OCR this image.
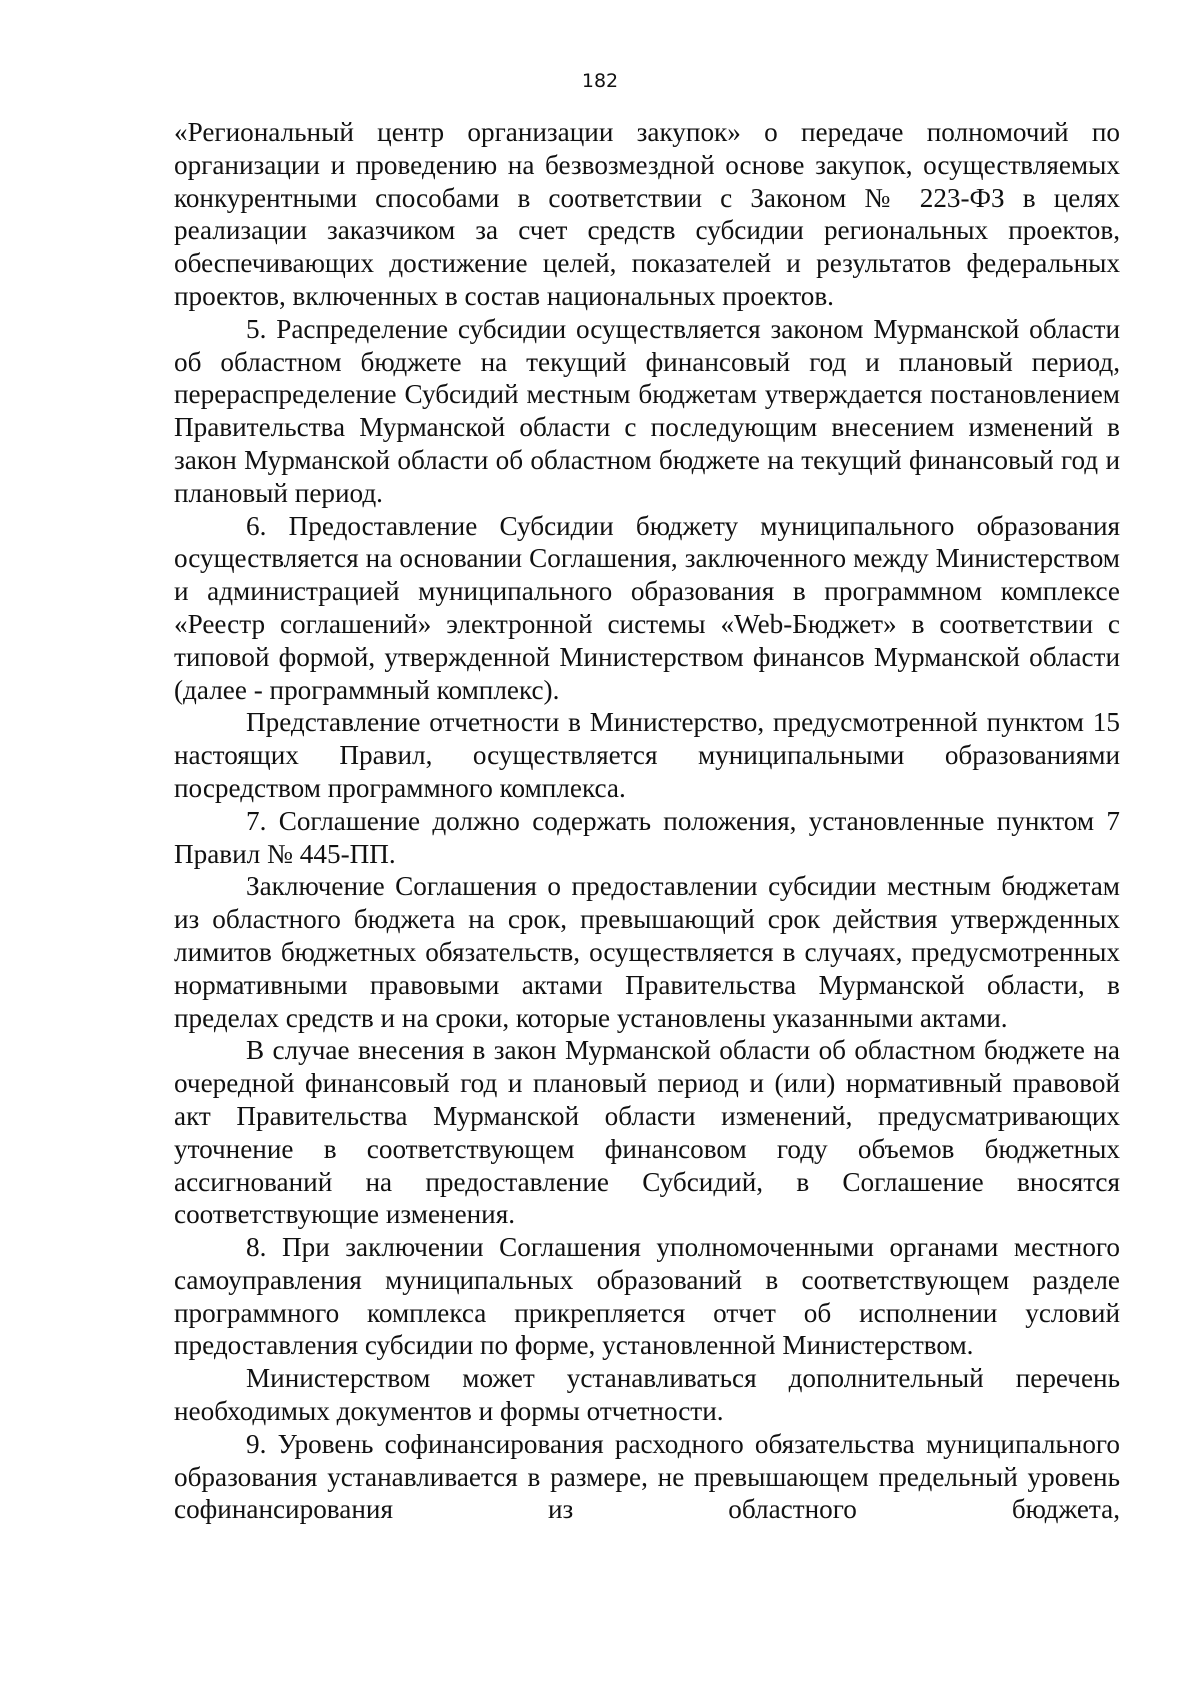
182

«Региональный центр организации закупок» о передаче полномочий по организации и проведению на безвозмездной основе закупок, осуществляемых конкурентными способами в соответствии с Законом № 223-ФЗ в целях реализации заказчиком за счет средств субсидии региональных проектов, обеспечивающих достижение целей, показателей и результатов федеральных проектов, включенных в состав национальных проектов.

5. Распределение субсидии осуществляется законом Мурманской области об областном бюджете на текущий финансовый год и плановый период, перераспределение Субсидий местным бюджетам утверждается постановлением Правительства Мурманской области с последующим внесением изменений в закон Мурманской области об областном бюджете на текущий финансовый год и плановый период.

6. Предоставление Субсидии бюджету муниципального образования осуществляется на основании Соглашения, заключенного между Министерством и администрацией муниципального образования в программном комплексе «Реестр соглашений» электронной системы «Web-Бюджет» в соответствии с типовой формой, утвержденной Министерством финансов Мурманской области (далее - программный комплекс).

Представление отчетности в Министерство, предусмотренной пунктом 15 настоящих Правил, осуществляется муниципальными образованиями посредством программного комплекса.

7. Соглашение должно содержать положения, установленные пунктом 7 Правил № 445-ПП.

Заключение Соглашения о предоставлении субсидии местным бюджетам из областного бюджета на срок, превышающий срок действия утвержденных лимитов бюджетных обязательств, осуществляется в случаях, предусмотренных нормативными правовыми актами Правительства Мурманской области, в пределах средств и на сроки, которые установлены указанными актами.

В случае внесения в закон Мурманской области об областном бюджете на очередной финансовый год и плановый период и (или) нормативный правовой акт Правительства Мурманской области изменений, предусматривающих уточнение в соответствующем финансовом году объемов бюджетных ассигнований на предоставление Субсидий, в Соглашение вносятся соответствующие изменения.

8. При заключении Соглашения уполномоченными органами местного самоуправления муниципальных образований в соответствующем разделе программного комплекса прикрепляется отчет об исполнении условий предоставления субсидии по форме, установленной Министерством.

Министерством может устанавливаться дополнительный перечень необходимых документов и формы отчетности.

9. Уровень софинансирования расходного обязательства муниципального образования устанавливается в размере, не превышающем предельный уровень софинансирования из областного бюджета,
